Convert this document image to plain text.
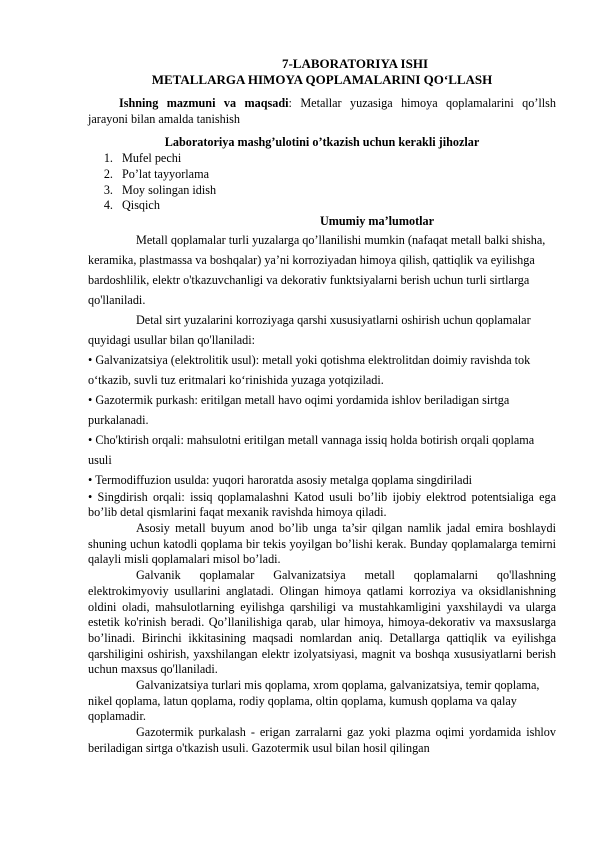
7-LABORATORIYA ISHI
METALLARGA HIMOYA QOPLAMALARINI QO‘LLASH
Ishning mazmuni va maqsadi: Metallar yuzasiga himoya qoplamalarini qo’llsh jarayoni bilan amalda tanishish
Laboratoriya mashg’ulotini o’tkazish uchun kerakli jihozlar
1. Mufel pechi
2. Po’lat tayyorlama
3. Moy solingan idish
4. Qisqich
Umumiy ma’lumotlar

Metall qoplamalar turli yuzalarga qo’llanilishi mumkin (nafaqat metall balki shisha, keramika, plastmassa va boshqalar) ya’ni korroziyadan himoya qilish, qattiqlik va eyilishga bardoshlilik, elektr o'tkazuvchanligi va dekorativ funktsiyalarni berish uchun turli sirtlarga qo'llaniladi.

Detal sirt yuzalarini korroziyaga qarshi xususiyatlarni oshirish uchun qoplamalar quyidagi usullar bilan qo'llaniladi:

• Galvanizatsiya (elektrolitik usul): metall yoki qotishma elektrolitdan doimiy ravishda tok o‘tkazib, suvli tuz eritmalari ko‘rinishida yuzaga yotqiziladi.

• Gazotermik purkash: eritilgan metall havo oqimi yordamida ishlov beriladigan sirtga purkalanadi.

• Cho'ktirish orqali: mahsulotni eritilgan metall vannaga issiq holda botirish orqali qoplama usuli

• Termodiffuzion usulda: yuqori haroratda asosiy metalga qoplama singdiriladi

• Singdirish orqali: issiq qoplamalashni Katod usuli bo’lib ijobiy elektrod potentsialiga ega bo’lib detal qismlarini faqat mexanik ravishda himoya qiladi.

Asosiy metall buyum anod bo’lib unga ta’sir qilgan namlik jadal emira boshlaydi shuning uchun katodli qoplama bir tekis yoyilgan bo’lishi kerak. Bunday qoplamalarga temirni qalayli misli qoplamalari misol bo’ladi.

Galvanik qoplamalar Galvanizatsiya metall qoplamalarni qo'llashning elektrokimyoviy usullarini anglatadi. Olingan himoya qatlami korroziya va oksidlanishning oldini oladi, mahsulotlarning eyilishga qarshiligi va mustahkamligini yaxshilaydi va ularga estetik ko'rinish beradi. Qo’llanilishiga qarab, ular himoya, himoya-dekorativ va maxsuslarga bo’linadi. Birinchi ikkitasining maqsadi nomlardan aniq. Detallarga qattiqlik va eyilishga qarshiligini oshirish, yaxshilangan elektr izolyatsiyasi, magnit va boshqa xususiyatlarni berish uchun maxsus qo'llaniladi.

Galvanizatsiya turlari mis qoplama, xrom qoplama, galvanizatsiya, temir qoplama, nikel qoplama, latun qoplama, rodiy qoplama, oltin qoplama, kumush qoplama va qalay qoplamadir.

Gazotermik purkalash - erigan zarralarni gaz yoki plazma oqimi yordamida ishlov beriladigan sirtga o'tkazish usuli. Gazotermik usul bilan hosil qilingan
